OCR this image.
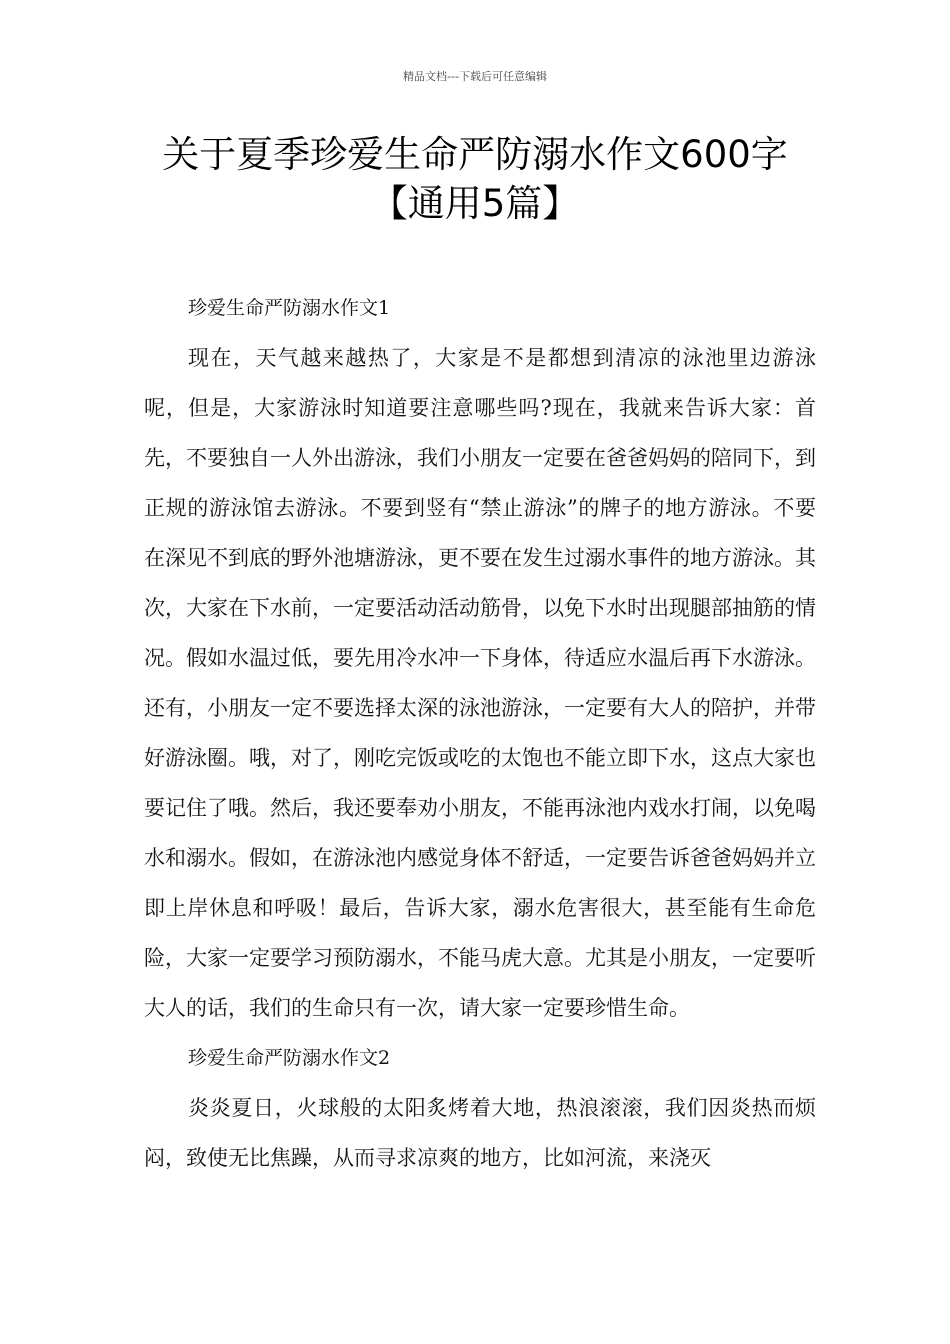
精品文档---下载后可任意编辑
关于夏季珍爱生命严防溺水作文600字
【通用5篇】

珍爱生命严防溺水作文1

现在，天气越来越热了，大家是不是都想到清凉的泳池里边游泳呢，但是，大家游泳时知道要注意哪些吗?现在，我就来告诉大家：首先，不要独自一人外出游泳，我们小朋友一定要在爸爸妈妈的陪同下，到正规的游泳馆去游泳。不要到竖有“禁止游泳”的牌子的地方游泳。不要在深见不到底的野外池塘游泳，更不要在发生过溺水事件的地方游泳。其次，大家在下水前，一定要活动活动筋骨，以免下水时出现腿部抽筋的情况。假如水温过低，要先用冷水冲一下身体，待适应水温后再下水游泳。还有，小朋友一定不要选择太深的泳池游泳，一定要有大人的陪护，并带好游泳圈。哦，对了，刚吃完饭或吃的太饱也不能立即下水，这点大家也要记住了哦。然后，我还要奉劝小朋友，不能再泳池内戏水打闹，以免喝水和溺水。假如，在游泳池内感觉身体不舒适，一定要告诉爸爸妈妈并立即上岸休息和呼吸！最后，告诉大家，溺水危害很大，甚至能有生命危险，大家一定要学习预防溺水，不能马虎大意。尤其是小朋友，一定要听大人的话，我们的生命只有一次，请大家一定要珍惜生命。

珍爱生命严防溺水作文2

炎炎夏日，火球般的太阳炙烤着大地，热浪滚滚，我们因炎热而烦闷，致使无比焦躁，从而寻求凉爽的地方，比如河流，来浇灭
